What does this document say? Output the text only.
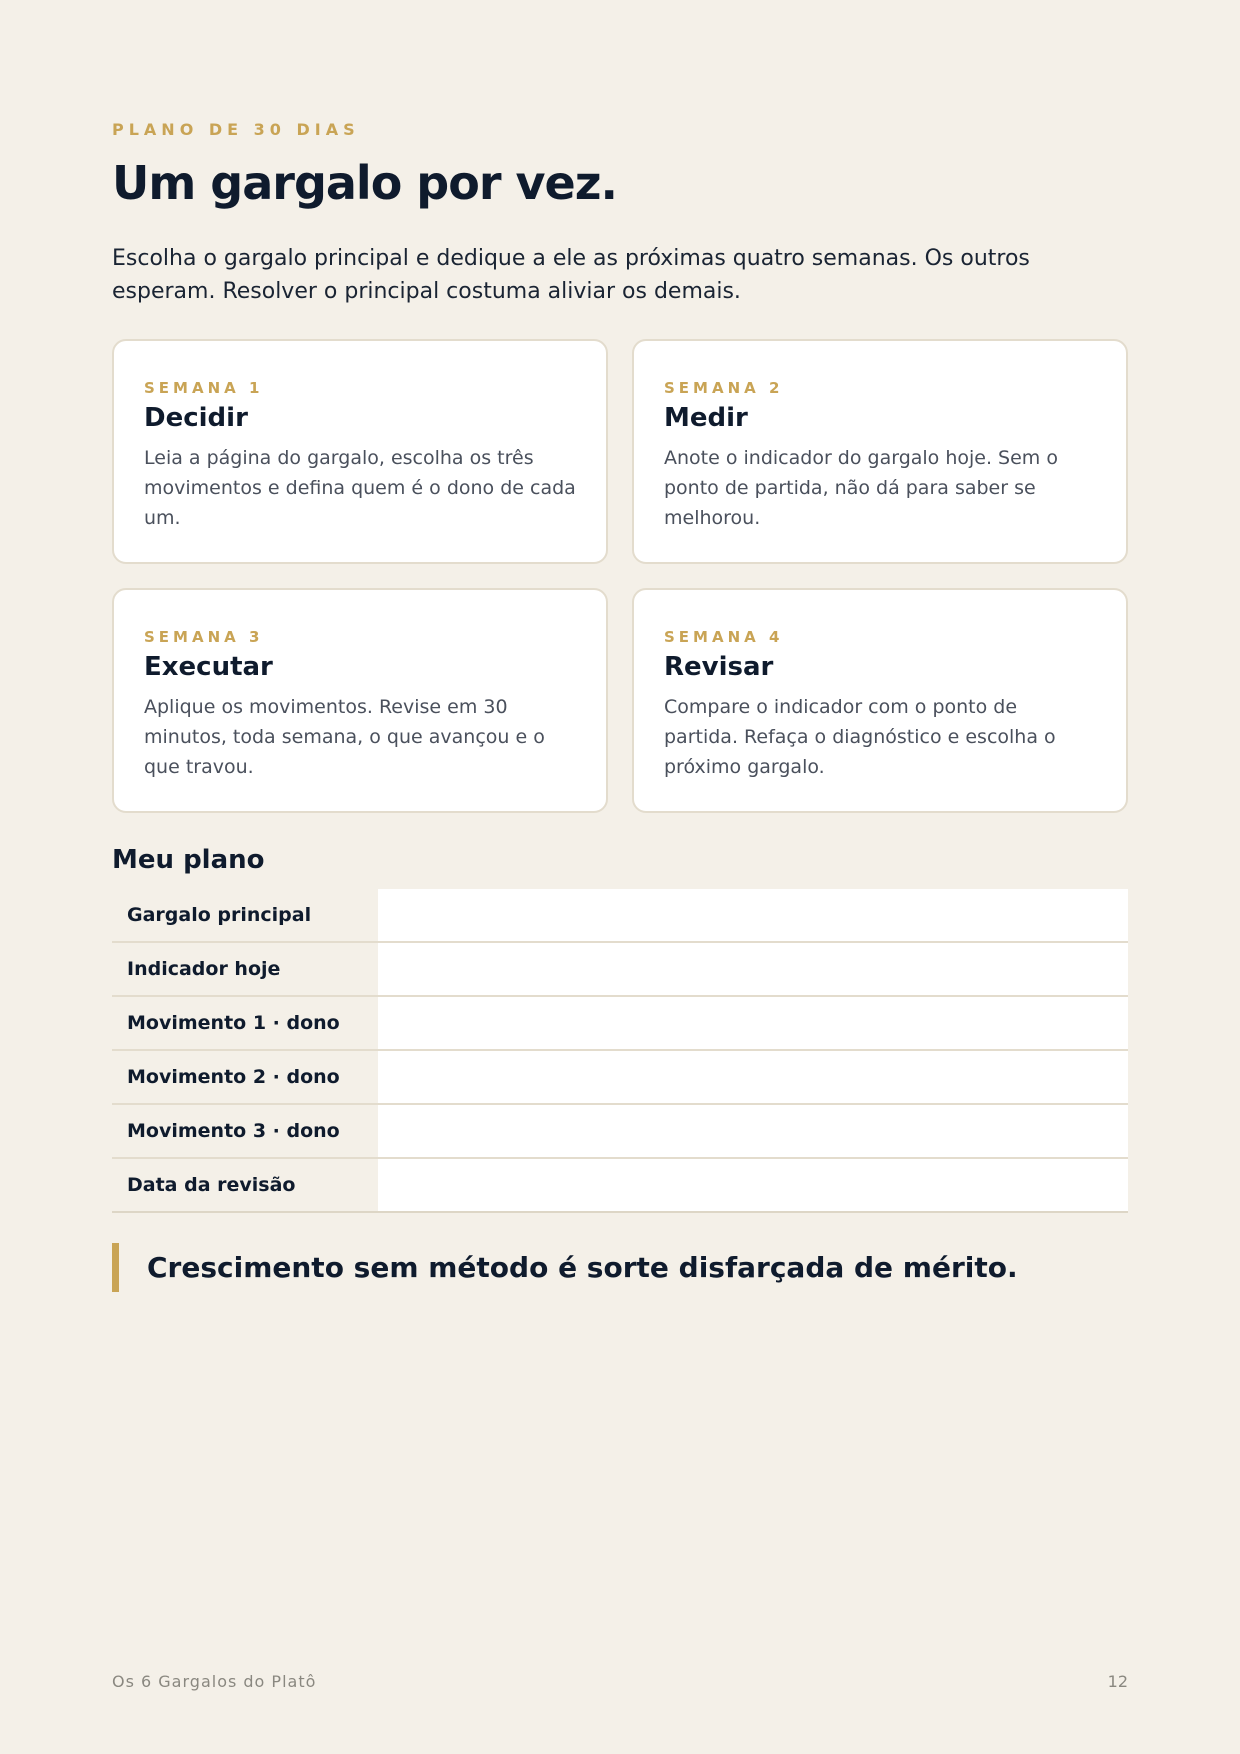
PLANO DE 30 DIAS
Um gargalo por vez.

Escolha o gargalo principal e dedique a ele as próximas quatro semanas. Os outros esperam. Resolver o principal costuma aliviar os demais.

SEMANA 1
Decidir
Leia a página do gargalo, escolha os três movimentos e defina quem é o dono de cada um.
SEMANA 2
Medir
Anote o indicador do gargalo hoje. Sem o ponto de partida, não dá para saber se melhorou.
SEMANA 3
Executar
Aplique os movimentos. Revise em 30 minutos, toda semana, o que avançou e o que travou.
SEMANA 4
Revisar
Compare o indicador com o ponto de partida. Refaça o diagnóstico e escolha o próximo gargalo.
Meu plano
Gargalo principal
Indicador hoje
Movimento 1 · dono
Movimento 2 · dono
Movimento 3 · dono
Data da revisão
Crescimento sem método é sorte disfarçada de mérito.
Os 6 Gargalos do Platô	12
